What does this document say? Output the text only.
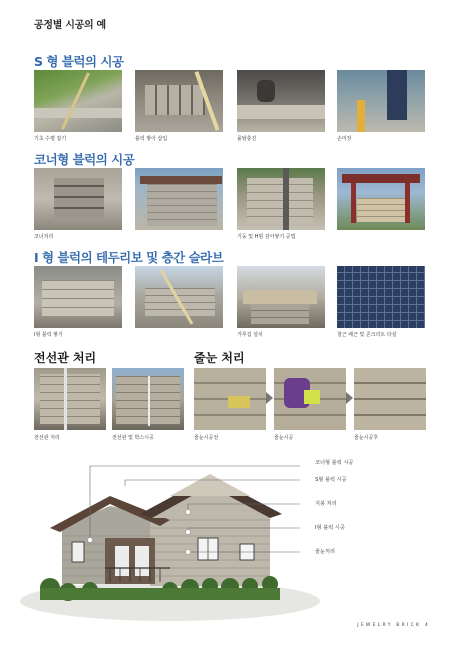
공정별 시공의 예
S 형 블럭의 시공
기초 수평 잡기	블럭 쌓아 삽입	몰탈충진	손미장
코너형 블럭의 시공
코너처리	기둥 및 H빔 감아쌓기 공법
I 형 블럭의 테두리보 및 층간 슬라브
I형 블럭 쌓기	거푸집 설치	철근 배근 및 콘크리트 타설
전선관 처리	줄눈 처리
전선관 처리	전선관 및 박스시공	줄눈시공전	줄눈시공	줄눈시공후
코너형 블럭 시공
S형 블럭 시공
지붕 처리
I형 블럭 시공
줄눈처리
JEWELRY BRICK 4
